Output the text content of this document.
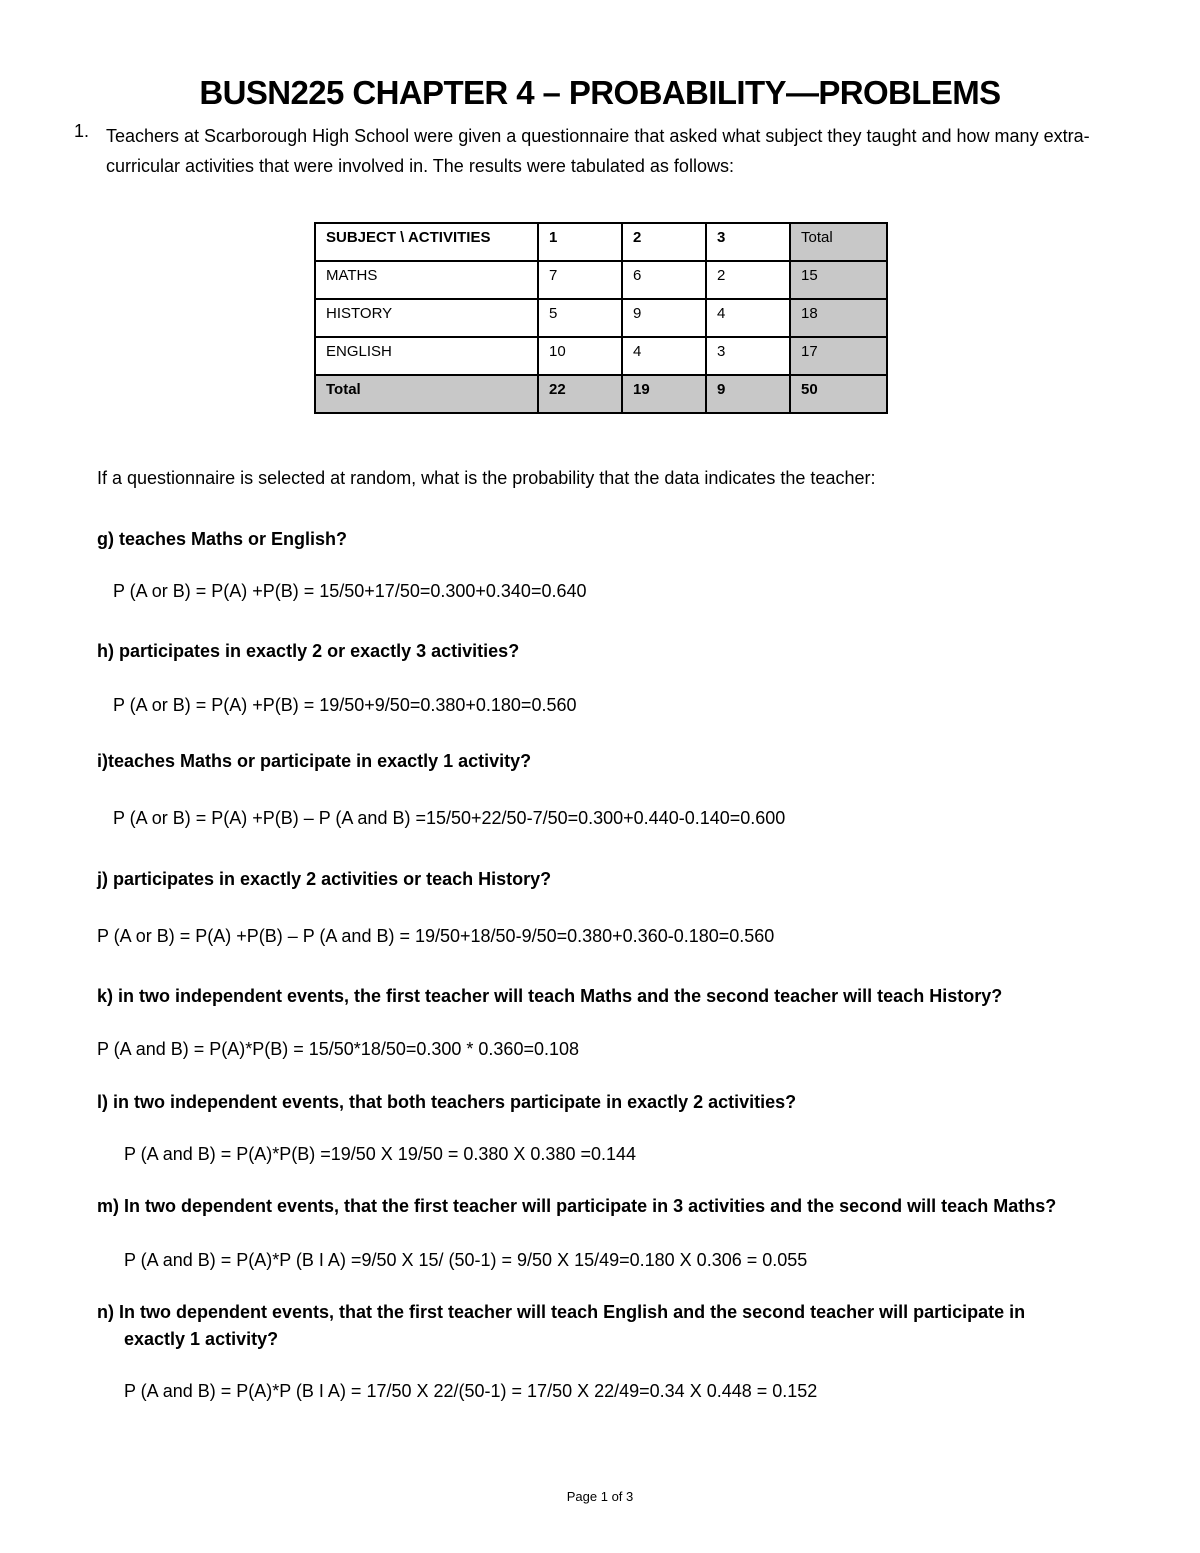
BUSN225 CHAPTER 4 – PROBABILITY—PROBLEMS
1. Teachers at Scarborough High School were given a questionnaire that asked what subject they taught and how many extra-curricular activities that were involved in. The results were tabulated as follows:
SUBJECT \ ACTIVITIES	1	2	3	Total
MATHS	7	6	2	15
HISTORY	5	9	4	18
ENGLISH	10	4	3	17
Total	22	19	9	50
If a questionnaire is selected at random, what is the probability that the data indicates the teacher:
g) teaches Maths or English?
P (A or B) = P(A) +P(B) = 15/50+17/50=0.300+0.340=0.640
h) participates in exactly 2 or exactly 3 activities?
P (A or B) = P(A) +P(B) = 19/50+9/50=0.380+0.180=0.560
i)teaches Maths or participate in exactly 1 activity?
P (A or B) = P(A) +P(B) – P (A and B) =15/50+22/50-7/50=0.300+0.440-0.140=0.600
j) participates in exactly 2 activities or teach History?
P (A or B) = P(A) +P(B) – P (A and B) = 19/50+18/50-9/50=0.380+0.360-0.180=0.560
k) in two independent events, the first teacher will teach Maths and the second teacher will teach History?
P (A and B) = P(A)*P(B) = 15/50*18/50=0.300 * 0.360=0.108
l) in two independent events, that both teachers participate in exactly 2 activities?
P (A and B) = P(A)*P(B) =19/50 X 19/50 = 0.380 X 0.380 =0.144
m) In two dependent events, that the first teacher will participate in 3 activities and the second will teach Maths?
P (A and B) = P(A)*P (B I A) =9/50 X 15/ (50-1) = 9/50 X 15/49=0.180 X 0.306 = 0.055
n) In two dependent events, that the first teacher will teach English and the second teacher will participate in
exactly 1 activity?
P (A and B) = P(A)*P (B I A) = 17/50 X 22/(50-1) = 17/50 X 22/49=0.34 X 0.448 = 0.152
Page 1 of 3
